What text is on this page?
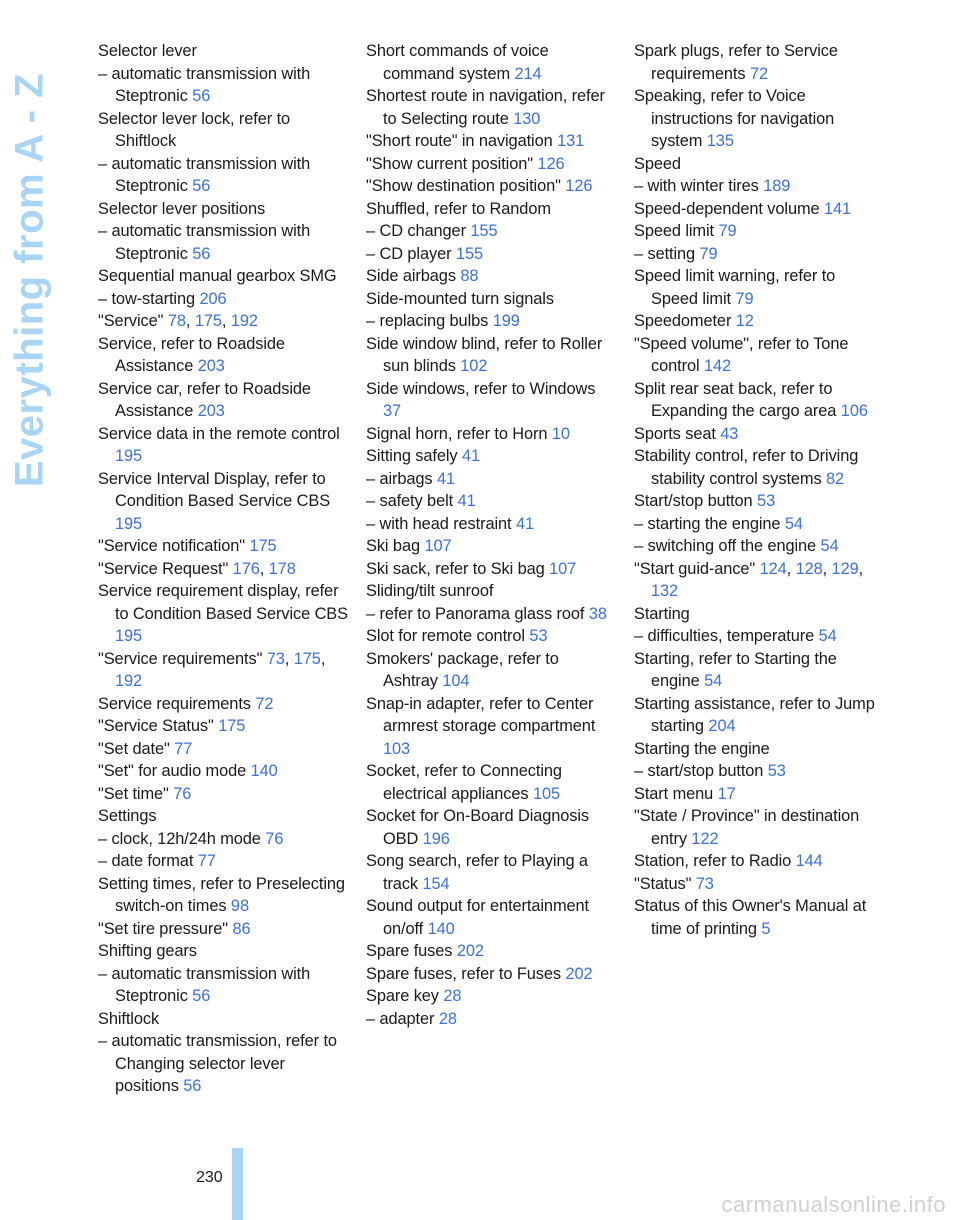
Everything from A - Z
Selector lever
– automatic transmission with Steptronic 56
Selector lever lock, refer to Shiftlock
– automatic transmission with Steptronic 56
Selector lever positions
– automatic transmission with Steptronic 56
Sequential manual gearbox SMG
– tow-starting 206
"Service" 78, 175, 192
Service, refer to Roadside Assistance 203
Service car, refer to Roadside Assistance 203
Service data in the remote control 195
Service Interval Display, refer to Condition Based Service CBS 195
"Service notification" 175
"Service Request" 176, 178
Service requirement display, refer to Condition Based Service CBS 195
"Service requirements" 73, 175, 192
Service requirements 72
"Service Status" 175
"Set date" 77
"Set" for audio mode 140
"Set time" 76
Settings
– clock, 12h/24h mode 76
– date format 77
Setting times, refer to Preselecting switch-on times 98
"Set tire pressure" 86
Shifting gears
– automatic transmission with Steptronic 56
Shiftlock
– automatic transmission, refer to Changing selector lever positions 56
Short commands of voice command system 214
Shortest route in navigation, refer to Selecting route 130
"Short route" in navigation 131
"Show current position" 126
"Show destination position" 126
Shuffled, refer to Random
– CD changer 155
– CD player 155
Side airbags 88
Side-mounted turn signals
– replacing bulbs 199
Side window blind, refer to Roller sun blinds 102
Side windows, refer to Windows 37
Signal horn, refer to Horn 10
Sitting safely 41
– airbags 41
– safety belt 41
– with head restraint 41
Ski bag 107
Ski sack, refer to Ski bag 107
Sliding/tilt sunroof
– refer to Panorama glass roof 38
Slot for remote control 53
Smokers' package, refer to Ashtray 104
Snap-in adapter, refer to Center armrest storage compartment 103
Socket, refer to Connecting electrical appliances 105
Socket for On-Board Diagnosis OBD 196
Song search, refer to Playing a track 154
Sound output for entertainment on/off 140
Spare fuses 202
Spare fuses, refer to Fuses 202
Spare key 28
– adapter 28
Spark plugs, refer to Service requirements 72
Speaking, refer to Voice instructions for navigation system 135
Speed
– with winter tires 189
Speed-dependent volume 141
Speed limit 79
– setting 79
Speed limit warning, refer to Speed limit 79
Speedometer 12
"Speed volume", refer to Tone control 142
Split rear seat back, refer to Expanding the cargo area 106
Sports seat 43
Stability control, refer to Driving stability control systems 82
Start/stop button 53
– starting the engine 54
– switching off the engine 54
"Start guid-ance" 124, 128, 129, 132
Starting
– difficulties, temperature 54
Starting, refer to Starting the engine 54
Starting assistance, refer to Jump starting 204
Starting the engine
– start/stop button 53
Start menu 17
"State / Province" in destination entry 122
Station, refer to Radio 144
"Status" 73
Status of this Owner's Manual at time of printing 5
230
carmanualsonline.info
